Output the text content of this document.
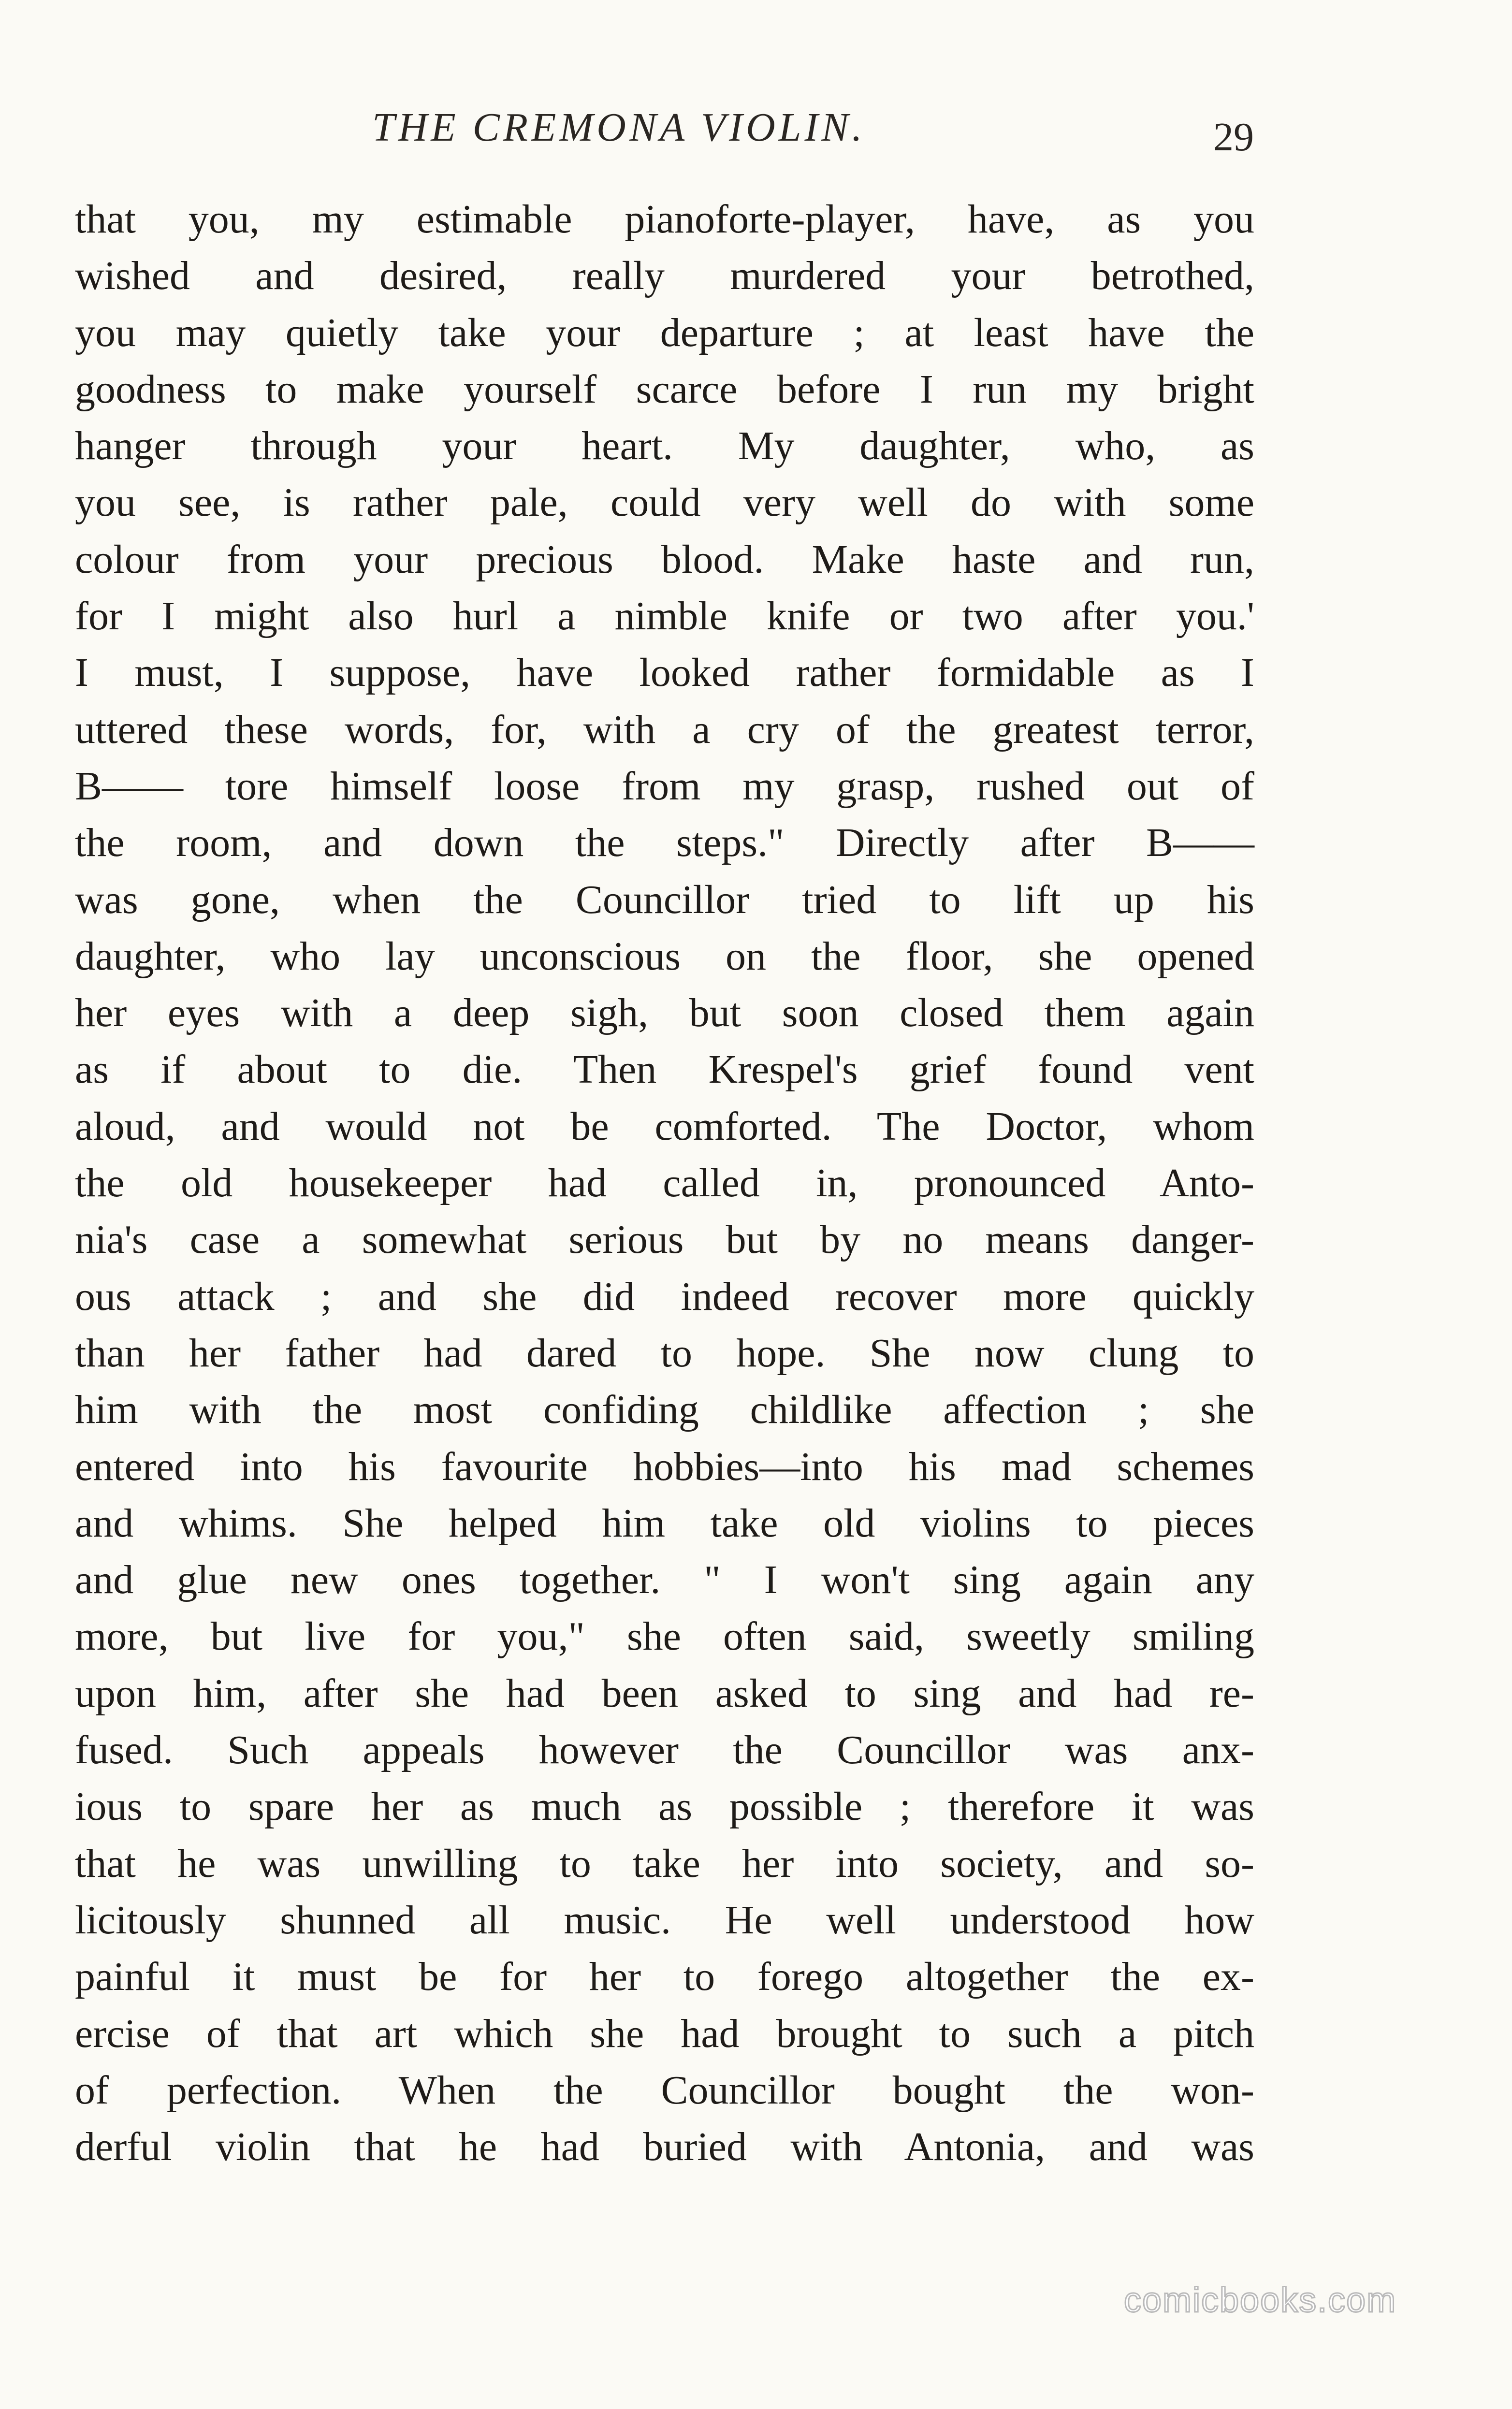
THE CREMONA VIOLIN.	29
that you, my estimable pianoforte-player, have, as you
wished and desired, really murdered your betrothed,
you may quietly take your departure ; at least have the
goodness to make yourself scarce before I run my bright
hanger through your heart. My daughter, who, as
you see, is rather pale, could very well do with some
colour from your precious blood. Make haste and run,
for I might also hurl a nimble knife or two after you.'
I must, I suppose, have looked rather formidable as I
uttered these words, for, with a cry of the greatest terror,
B—— tore himself loose from my grasp, rushed out of
the room, and down the steps." Directly after B——
was gone, when the Councillor tried to lift up his
daughter, who lay unconscious on the floor, she opened
her eyes with a deep sigh, but soon closed them again
as if about to die. Then Krespel's grief found vent
aloud, and would not be comforted. The Doctor, whom
the old housekeeper had called in, pronounced Anto-
nia's case a somewhat serious but by no means danger-
ous attack ; and she did indeed recover more quickly
than her father had dared to hope. She now clung to
him with the most confiding childlike affection ; she
entered into his favourite hobbies—into his mad schemes
and whims. She helped him take old violins to pieces
and glue new ones together. " I won't sing again any
more, but live for you," she often said, sweetly smiling
upon him, after she had been asked to sing and had re-
fused. Such appeals however the Councillor was anx-
ious to spare her as much as possible ; therefore it was
that he was unwilling to take her into society, and so-
licitously shunned all music. He well understood how
painful it must be for her to forego altogether the ex-
ercise of that art which she had brought to such a pitch
of perfection. When the Councillor bought the won-
derful violin that he had buried with Antonia, and was
comicbooks.com
